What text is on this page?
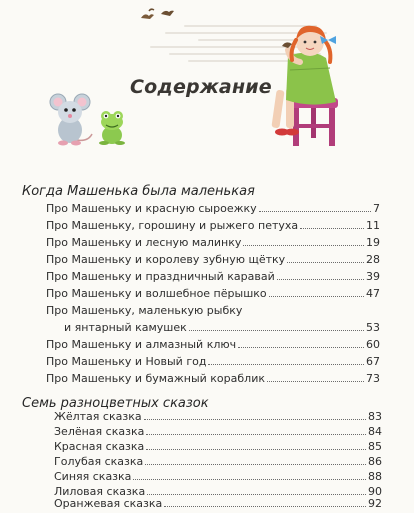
Содержание
Когда Машенька была маленькая
Про Машеньку и красную сыроежку	7
Про Машеньку, горошину и рыжего петуха	11
Про Машеньку и лесную малинку	19
Про Машеньку и королеву зубную щётку	28
Про Машеньку и праздничный каравай	39
Про Машеньку и волшебное пёрышко	47
Про Машеньку, маленькую рыбку
и янтарный камушек	53
Про Машеньку и алмазный ключ	60
Про Машеньку и Новый год	67
Про Машеньку и бумажный кораблик	73
Семь разноцветных сказок
Жёлтая сказка	83
Зелёная сказка	84
Красная сказка	85
Голубая сказка	86
Синяя сказка	88
Лиловая сказка	90
Оранжевая сказка	92
